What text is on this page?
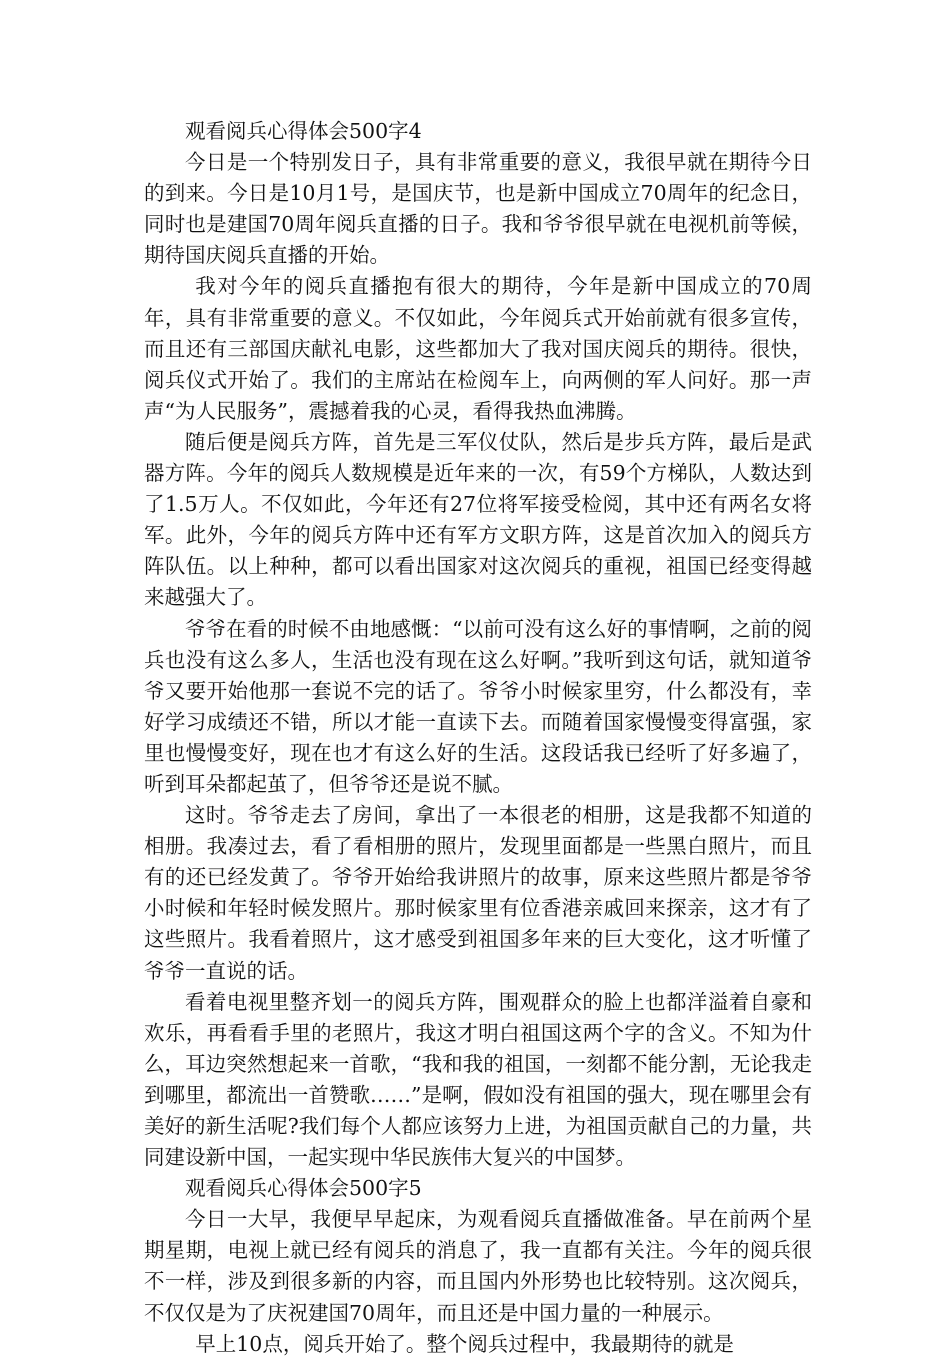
观看阅兵心得体会500字4

今日是一个特别发日子，具有非常重要的意义，我很早就在期待今日的到来。今日是10月1号，是国庆节，也是新中国成立70周年的纪念日，同时也是建国70周年阅兵直播的日子。我和爷爷很早就在电视机前等候，期待国庆阅兵直播的开始。

我对今年的阅兵直播抱有很大的期待，今年是新中国成立的70周年，具有非常重要的意义。不仅如此，今年阅兵式开始前就有很多宣传，而且还有三部国庆献礼电影，这些都加大了我对国庆阅兵的期待。很快，阅兵仪式开始了。我们的主席站在检阅车上，向两侧的军人问好。那一声声“为人民服务”，震撼着我的心灵，看得我热血沸腾。

随后便是阅兵方阵，首先是三军仪仗队，然后是步兵方阵，最后是武器方阵。今年的阅兵人数规模是近年来的一次，有59个方梯队，人数达到了1.5万人。不仅如此，今年还有27位将军接受检阅，其中还有两名女将军。此外，今年的阅兵方阵中还有军方文职方阵，这是首次加入的阅兵方阵队伍。以上种种，都可以看出国家对这次阅兵的重视，祖国已经变得越来越强大了。

爷爷在看的时候不由地感慨：“以前可没有这么好的事情啊，之前的阅兵也没有这么多人，生活也没有现在这么好啊。”我听到这句话，就知道爷爷又要开始他那一套说不完的话了。爷爷小时候家里穷，什么都没有，幸好学习成绩还不错，所以才能一直读下去。而随着国家慢慢变得富强，家里也慢慢变好，现在也才有这么好的生活。这段话我已经听了好多遍了，听到耳朵都起茧了，但爷爷还是说不腻。

这时。爷爷走去了房间，拿出了一本很老的相册，这是我都不知道的相册。我凑过去，看了看相册的照片，发现里面都是一些黑白照片，而且有的还已经发黄了。爷爷开始给我讲照片的故事，原来这些照片都是爷爷小时候和年轻时候发照片。那时候家里有位香港亲戚回来探亲，这才有了这些照片。我看着照片，这才感受到祖国多年来的巨大变化，这才听懂了爷爷一直说的话。

看着电视里整齐划一的阅兵方阵，围观群众的脸上也都洋溢着自豪和欢乐，再看看手里的老照片，我这才明白祖国这两个字的含义。不知为什么，耳边突然想起来一首歌，“我和我的祖国，一刻都不能分割，无论我走到哪里，都流出一首赞歌……”是啊，假如没有祖国的强大，现在哪里会有美好的新生活呢?我们每个人都应该努力上进，为祖国贡献自己的力量，共同建设新中国，一起实现中华民族伟大复兴的中国梦。

观看阅兵心得体会500字5

今日一大早，我便早早起床，为观看阅兵直播做准备。早在前两个星期星期，电视上就已经有阅兵的消息了，我一直都有关注。今年的阅兵很不一样，涉及到很多新的内容，而且国内外形势也比较特别。这次阅兵，不仅仅是为了庆祝建国70周年，而且还是中国力量的一种展示。

早上10点，阅兵开始了。整个阅兵过程中，我最期待的就是
